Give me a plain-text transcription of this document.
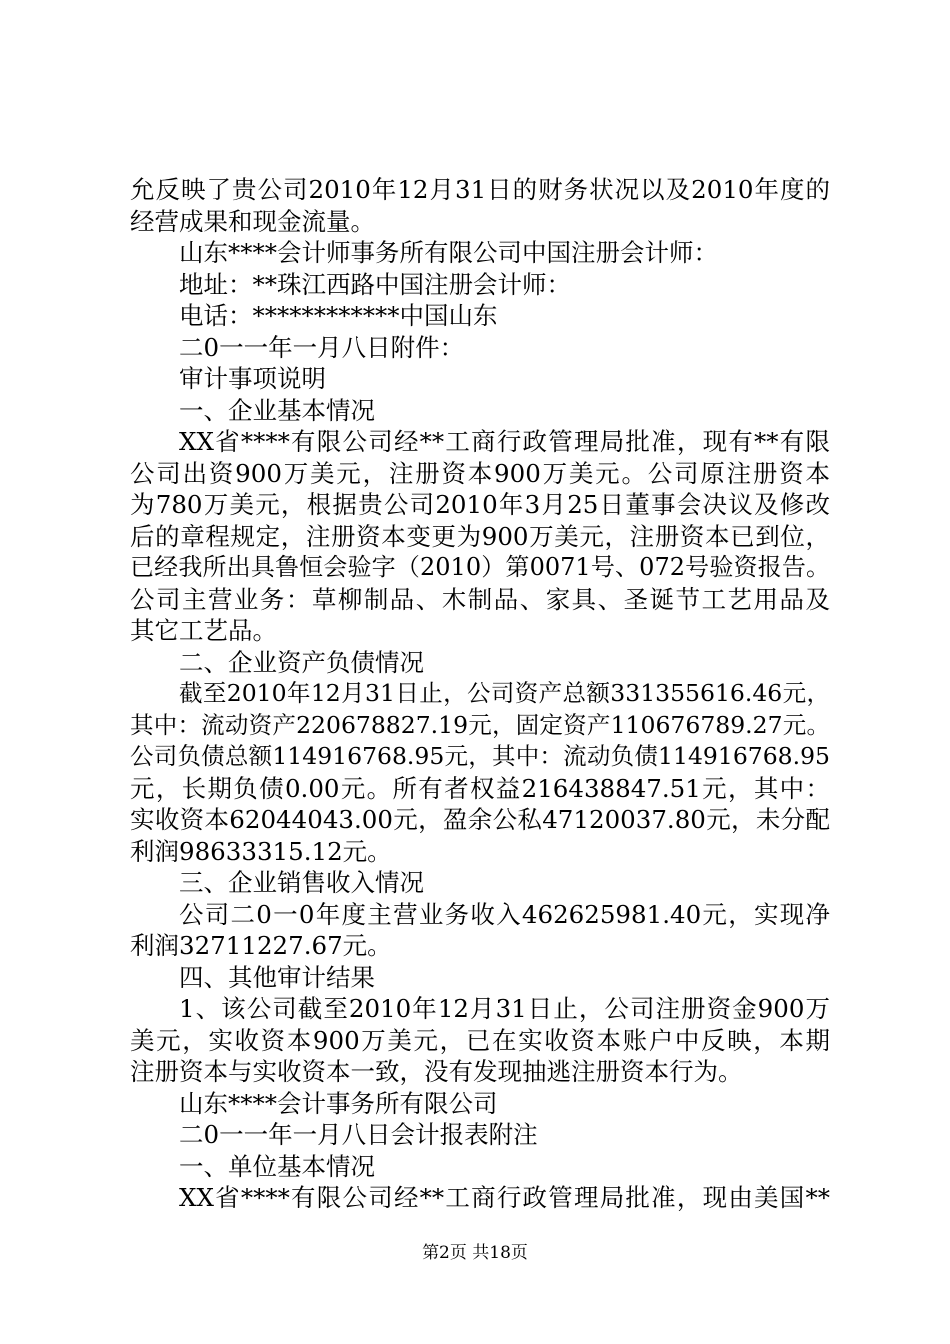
允反映了贵公司2010年12月31日的财务状况以及2010年度的
经营成果和现金流量。
山东****会计师事务所有限公司中国注册会计师：
地址：**珠江西路中国注册会计师：
电话：************中国山东
二0一一年一月八日附件：
审计事项说明
一、企业基本情况
XX省****有限公司经**工商行政管理局批准，现有**有限
公司出资900万美元，注册资本900万美元。公司原注册资本
为780万美元，根据贵公司2010年3月25日董事会决议及修改
后的章程规定，注册资本变更为900万美元，注册资本已到位，
已经我所出具鲁恒会验字（2010）第0071号、072号验资报告。
公司主营业务：草柳制品、木制品、家具、圣诞节工艺用品及
其它工艺品。
二、企业资产负债情况
截至2010年12月31日止，公司资产总额331355616.46元，
其中：流动资产220678827.19元，固定资产110676789.27元。
公司负债总额114916768.95元，其中：流动负债114916768.95
元，长期负债0.00元。所有者权益216438847.51元，其中：
实收资本62044043.00元，盈余公私47120037.80元，未分配
利润98633315.12元。
三、企业销售收入情况
公司二0一0年度主营业务收入462625981.40元，实现净
利润32711227.67元。
四、其他审计结果
1、该公司截至2010年12月31日止，公司注册资金900万
美元，实收资本900万美元，已在实收资本账户中反映，本期
注册资本与实收资本一致，没有发现抽逃注册资本行为。
山东****会计事务所有限公司
二0一一年一月八日会计报表附注
一、单位基本情况
XX省****有限公司经**工商行政管理局批准，现由美国**
第2页 共18页
